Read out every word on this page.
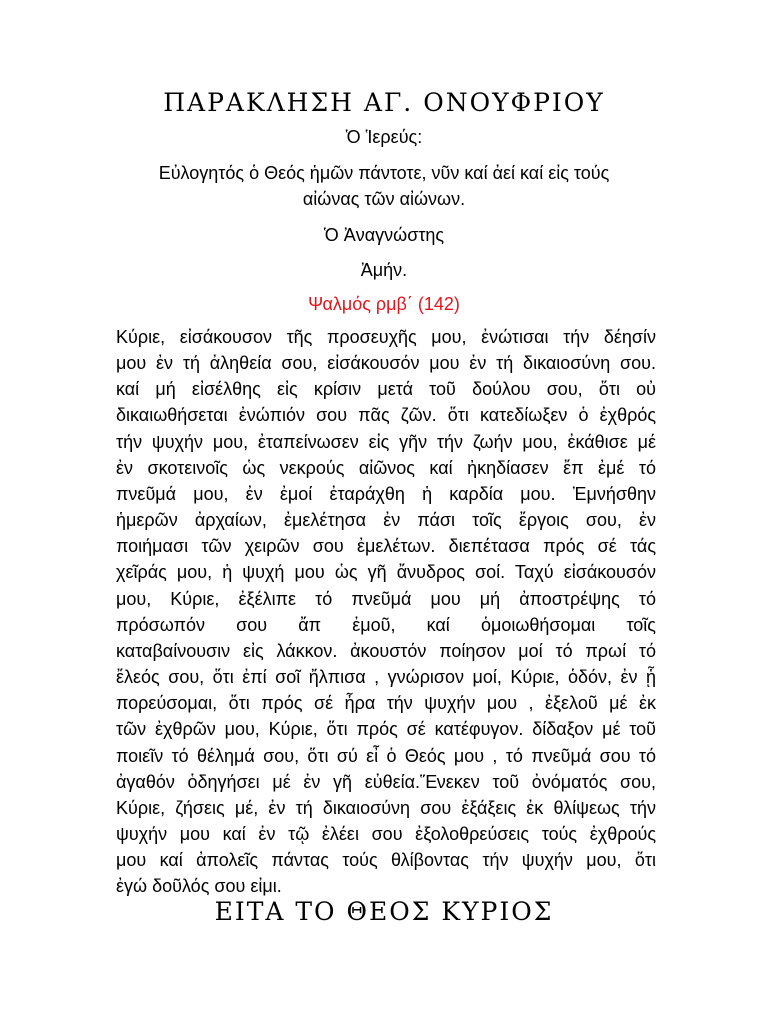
ΠΑΡΑΚΛΗΣΗ ΑΓ. ΟΝΟΥΦΡΙΟΥ
Ὁ Ἱερεύς:
Εὐλογητός ὁ Θεός ἡμῶν πάντοτε, νῦν καί ἀεί καί εἰς τούς
αἰώνας τῶν αἰώνων.
Ὁ Ἀναγνώστης
Ἀμήν.
Ψαλμός ρμβ΄ (142)
Κύριε, εἰσάκουσον τῆς προσευχῆς μου, ἐνώτισαι τήν δέησίν
μου ἐν τή ἀληθεία σου, εἰσάκουσόν μου ἐν τή δικαιοσύνη σου.
καί μή εἰσέλθης εἰς κρίσιν μετά τοῦ δούλου σου, ὅτι οὐ
δικαιωθήσεται ἐνώπιόν σου πᾶς ζῶν. ὅτι κατεδίωξεν ὁ ἐχθρός
τήν ψυχήν μου, ἐταπείνωσεν εἰς γῆν τήν ζωήν μου, ἐκάθισε μέ
ἐν σκοτεινοῖς ὡς νεκρούς αἰῶνος καί ἠκηδίασεν ἔπ ἐμέ τό
πνεῦμά μου, ἐν ἐμοί ἐταράχθη ἡ καρδία μου. Ἐμνήσθην
ἡμερῶν ἀρχαίων, ἐμελέτησα ἐν πάσι τοῖς ἔργοις σου, ἐν
ποιήμασι τῶν χειρῶν σου ἐμελέτων. διεπέτασα πρός σέ τάς
χεῖράς μου, ἡ ψυχή μου ὡς γῆ ἄνυδρος σοί. Ταχύ εἰσάκουσόν
μου, Κύριε, ἐξέλιπε τό πνεῦμά μου μή ἀποστρέψης τό
πρόσωπόν σου ἄπ ἐμοῦ, καί ὁμοιωθήσομαι τοῖς
καταβαίνουσιν εἰς λάκκον. ἀκουστόν ποίησον μοί τό πρωί τό
ἔλεός σου, ὅτι ἐπί σοῖ ἤλπισα , γνώρισον μοί, Κύριε, ὁδόν, ἐν ᾗ
πορεύσομαι, ὅτι πρός σέ ἦρα τήν ψυχήν μου , ἐξελοῦ μέ ἐκ
τῶν ἐχθρῶν μου, Κύριε, ὅτι πρός σέ κατέφυγον. δίδαξον μέ τοῦ
ποιεῖν τό θέλημά σου, ὅτι σύ εἶ ὁ Θεός μου , τό πνεῦμά σου τό
ἀγαθόν ὁδηγήσει μέ ἐν γῆ εὐθεία.Ἕνεκεν τοῦ ὀνόματός σου,
Κύριε, ζήσεις μέ, ἐν τή δικαιοσύνη σου ἐξάξεις ἐκ θλίψεως τήν
ψυχήν μου καί ἐν τῷ ἐλέει σου ἐξολοθρεύσεις τούς ἐχθρούς
μου καί ἀπολεῖς πάντας τούς θλίβοντας τήν ψυχήν μου, ὅτι
ἐγώ δοῦλός σου εἰμι.
ΕΙΤΑ ΤΟ ΘΕΟΣ ΚΥΡΙΟΣ
